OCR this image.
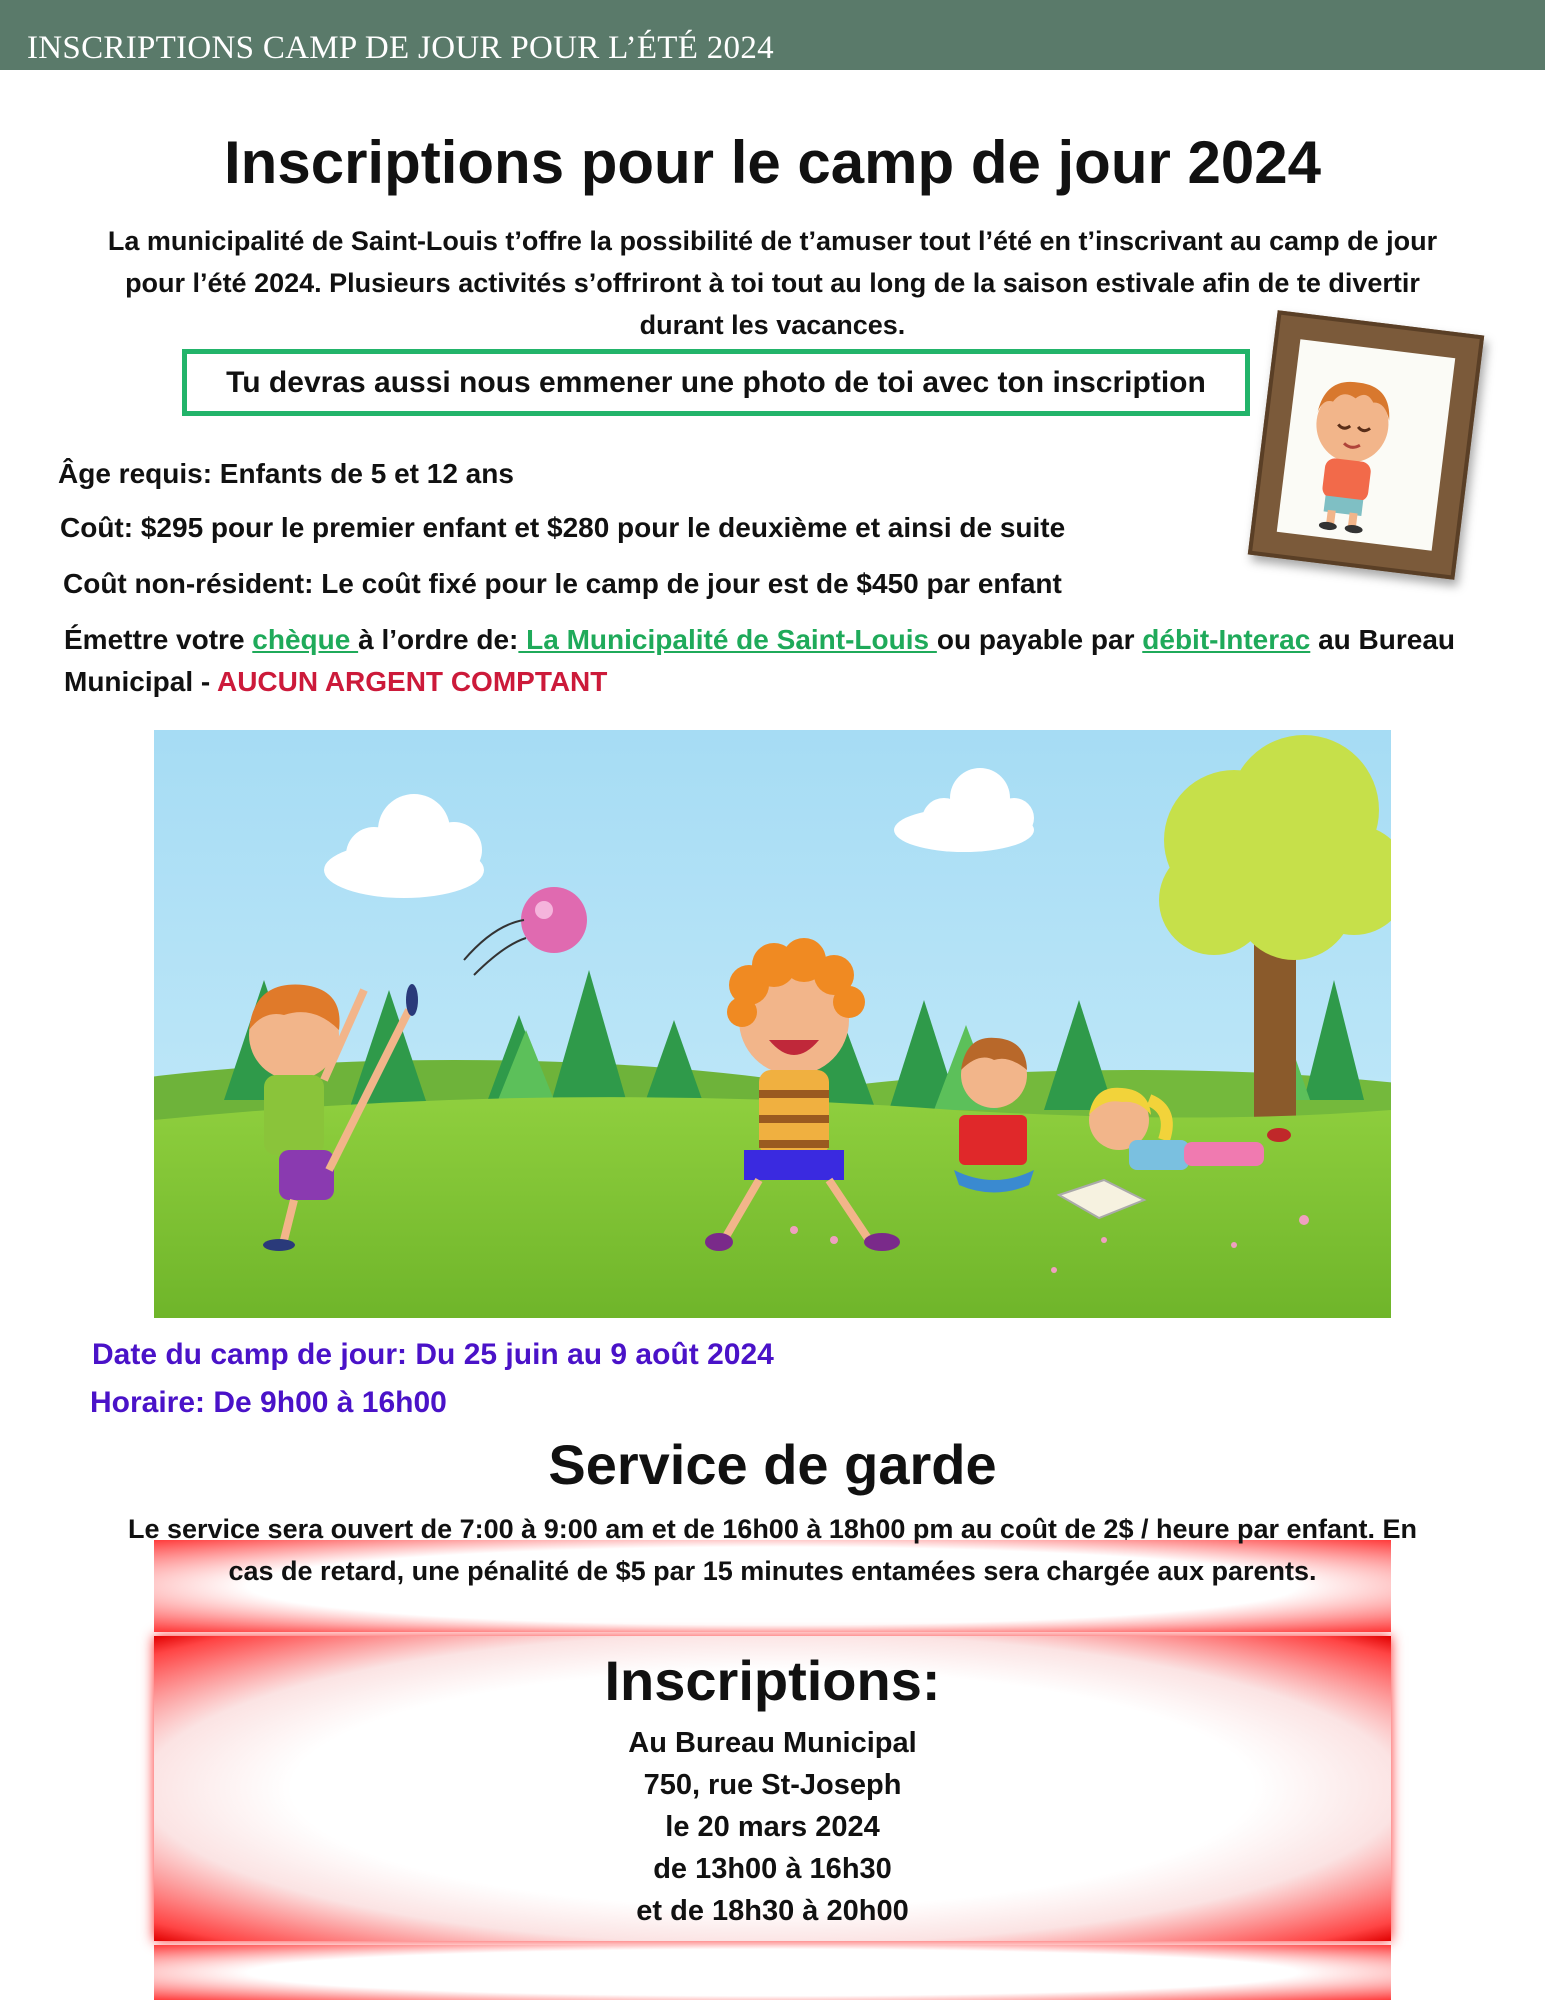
INSCRIPTIONS CAMP DE JOUR POUR L’ÉTÉ 2024
Inscriptions pour le camp de jour 2024
La municipalité de Saint-Louis t’offre la possibilité de t’amuser tout l’été en t’inscrivant au camp de jour
pour l’été 2024. Plusieurs activités s’offriront à toi tout au long de la saison estivale afin de te divertir
durant les vacances.
Tu devras aussi nous emmener une photo de toi avec ton inscription
Âge requis: Enfants de 5 et 12 ans
Coût: $295 pour le premier enfant et $280 pour le deuxième et ainsi de suite
Coût non-résident: Le coût fixé pour le camp de jour est de $450 par enfant
Émettre votre chèque à l’ordre de: La Municipalité de Saint-Louis ou payable par débit-Interac au Bureau
Municipal - AUCUN ARGENT COMPTANT
Date du camp de jour: Du 25 juin au 9 août 2024
Horaire: De 9h00 à 16h00
Service de garde
Le service sera ouvert de 7:00 à 9:00 am et de 16h00 à 18h00 pm au coût de 2$ / heure par enfant. En
cas de retard, une pénalité de $5 par 15 minutes entamées sera chargée aux parents.
Inscriptions:
Au Bureau Municipal
750, rue St-Joseph
le 20 mars 2024
de 13h00 à 16h30
et de 18h30 à 20h00
